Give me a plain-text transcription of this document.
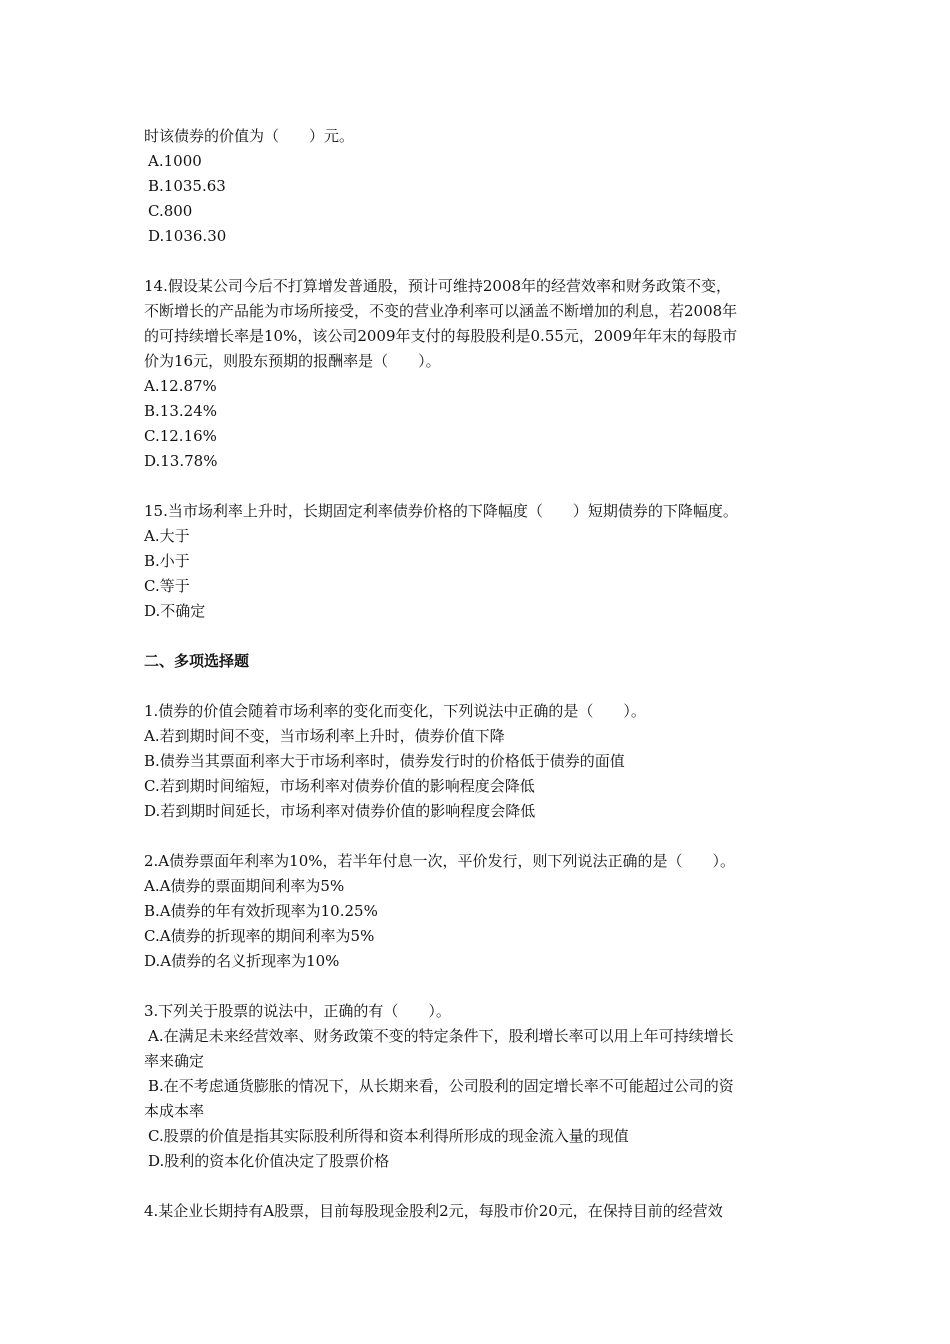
时该债券的价值为（　　）元。

A.1000

B.1035.63

C.800

D.1036.30

14.假设某公司今后不打算增发普通股，预计可维持2008年的经营效率和财务政策不变，

不断增长的产品能为市场所接受，不变的营业净利率可以涵盖不断增加的利息，若2008年

的可持续增长率是10%，该公司2009年支付的每股股利是0.55元，2009年年末的每股市

价为16元，则股东预期的报酬率是（　　）。

A.12.87%

B.13.24%

C.12.16%

D.13.78%

15.当市场利率上升时，长期固定利率债券价格的下降幅度（　　）短期债券的下降幅度。

A.大于

B.小于

C.等于

D.不确定

二、多项选择题

1.债券的价值会随着市场利率的变化而变化，下列说法中正确的是（　　）。

A.若到期时间不变，当市场利率上升时，债券价值下降

B.债券当其票面利率大于市场利率时，债券发行时的价格低于债券的面值

C.若到期时间缩短，市场利率对债券价值的影响程度会降低

D.若到期时间延长，市场利率对债券价值的影响程度会降低

2.A债券票面年利率为10%，若半年付息一次，平价发行，则下列说法正确的是（　　）。

A.A债券的票面期间利率为5%

B.A债券的年有效折现率为10.25%

C.A债券的折现率的期间利率为5%

D.A债券的名义折现率为10%

3.下列关于股票的说法中，正确的有（　　）。

A.在满足未来经营效率、财务政策不变的特定条件下，股利增长率可以用上年可持续增长

率来确定

B.在不考虑通货膨胀的情况下，从长期来看，公司股利的固定增长率不可能超过公司的资

本成本率

C.股票的价值是指其实际股利所得和资本利得所形成的现金流入量的现值

D.股利的资本化价值决定了股票价格

4.某企业长期持有A股票，目前每股现金股利2元，每股市价20元，在保持目前的经营效
